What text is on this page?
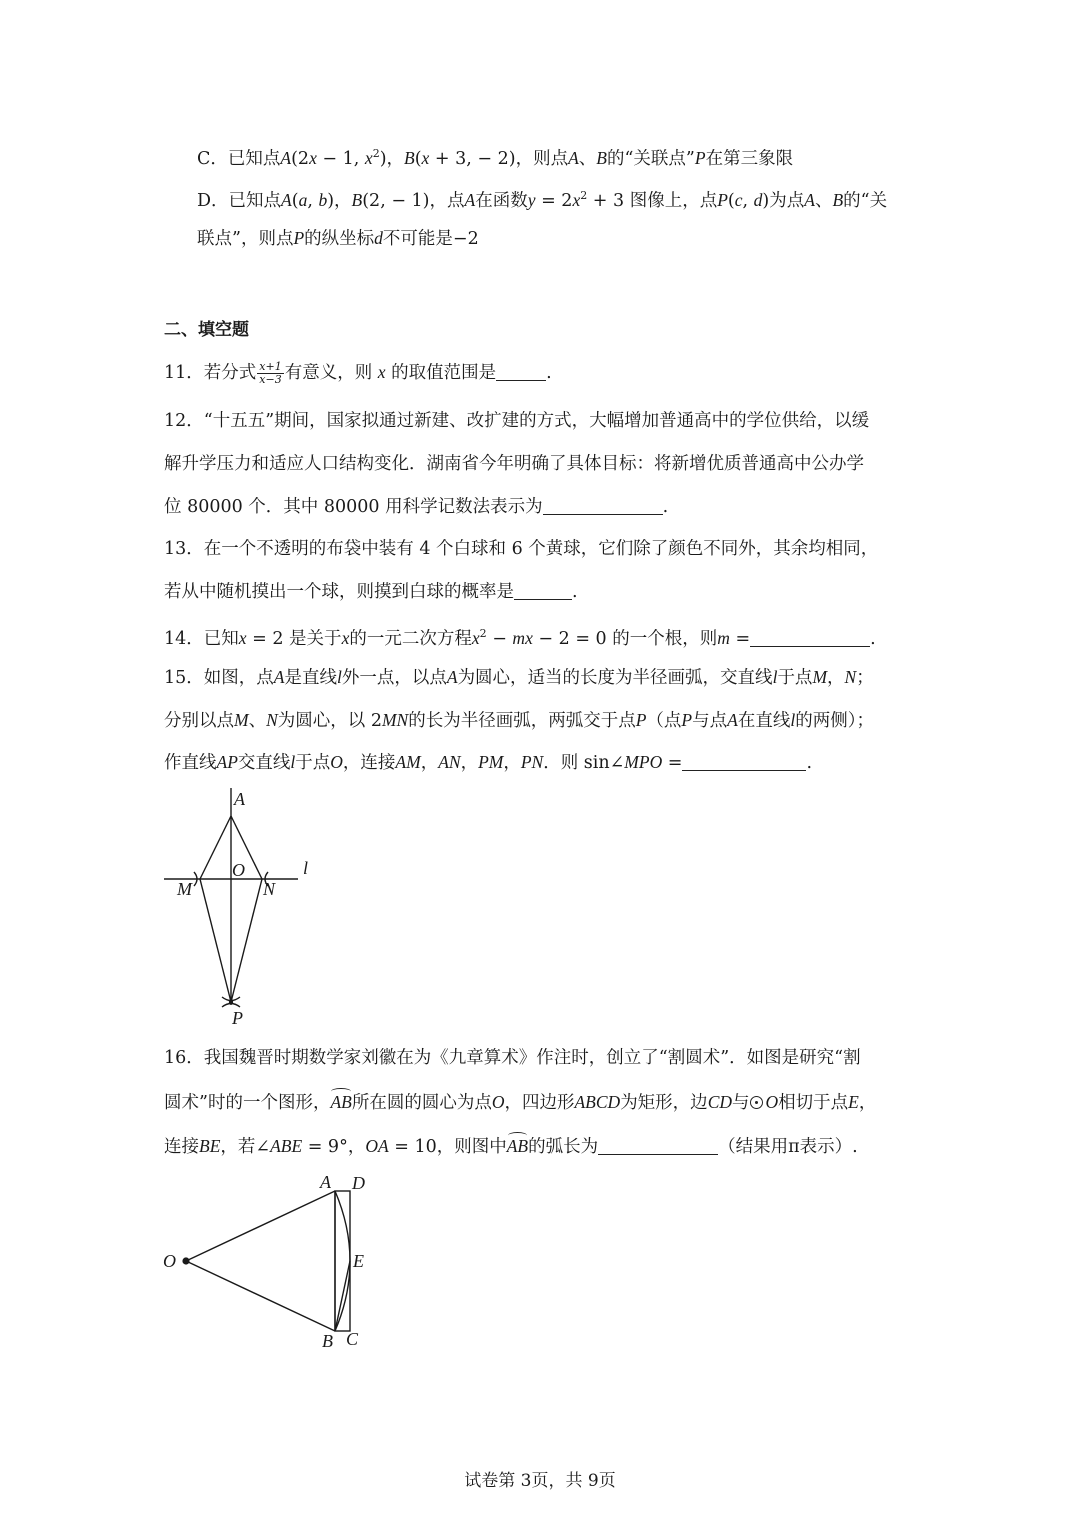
C．已知点A(2x − 1, $x^2$)，B(x + 3, − 2)，则点A、B的“关联点”P在第三象限
D．已知点A(a, b)，B(2, − 1)，点A在函数$y = 2x^2 + 3$ 图像上，点P(c, d)为点A、B的“关
联点”，则点P的纵坐标d不可能是−2
二、填空题
11．若分式 $\frac{x+1}{x-3}$ 有意义，则 x 的取值范围是	.
12．“十五五”期间，国家拟通过新建、改扩建的方式，大幅增加普通高中的学位供给，以缓
解升学压力和适应人口结构变化．湖南省今年明确了具体目标：将新增优质普通高中公办学
位 80000 个．其中 80000 用科学记数法表示为	.
13．在一个不透明的布袋中装有 4 个白球和 6 个黄球，它们除了颜色不同外，其余均相同，
若从中随机摸出一个球，则摸到白球的概率是	.
14．已知x = 2 是关于x的一元二次方程$x^2$ − mx − 2 = 0 的一个根，则m =	.
15．如图，点A是直线l外一点，以点A为圆心，适当的长度为半径画弧，交直线l于点M，N；
分别以点M、N为圆心，以 2MN的长为半径画弧，两弧交于点P（点P与点A在直线l的两侧）；
作直线AP交直线l于点O，连接AM，AN，PM，PN．则 sin∠MPO =	.
A
O	l
M	N
P
16．我国魏晋时期数学家刘徽在为《九章算术》作注时，创立了“割圆术”．如图是研究“割
圆术”时的一个图形，AB所在圆的圆心为点O，四边形ABCD为矩形，边CD与 O相切于点E，
连接BE，若∠ABE = 9°，OA = 10，则图中AB的弧长为	（结果用π表示）.
O
A D
E
B C
试卷第 3页，共 9页
